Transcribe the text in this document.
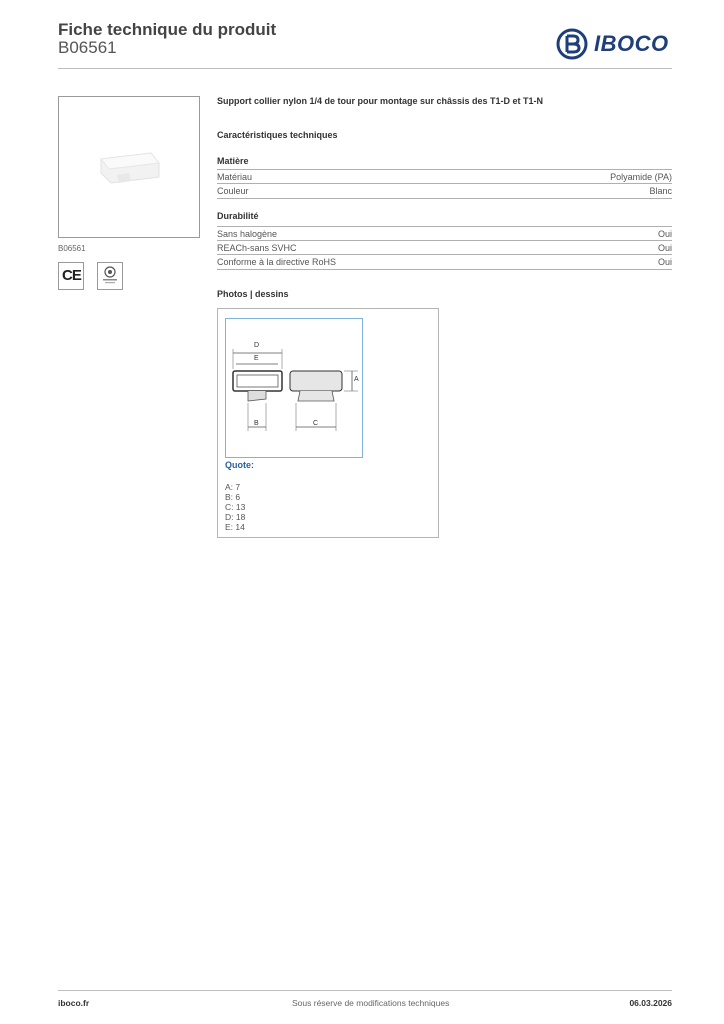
Fiche technique du produit
B06561	IBOCO
B06561
CE
Support collier nylon 1/4 de tour pour montage sur châssis des T1-D et T1-N
Caractéristiques techniques
Matière
Matériau	Polyamide (PA)
Couleur	Blanc
Durabilité
Sans halogène	Oui
REACh-sans SVHC	Oui
Conforme à la directive RoHS	Oui
Photos | dessins
D
E
A
B	C
Quote:
A: 7
B: 6
C: 13
D: 18
E: 14
iboco.fr	Sous réserve de modifications techniques	06.03.2026
